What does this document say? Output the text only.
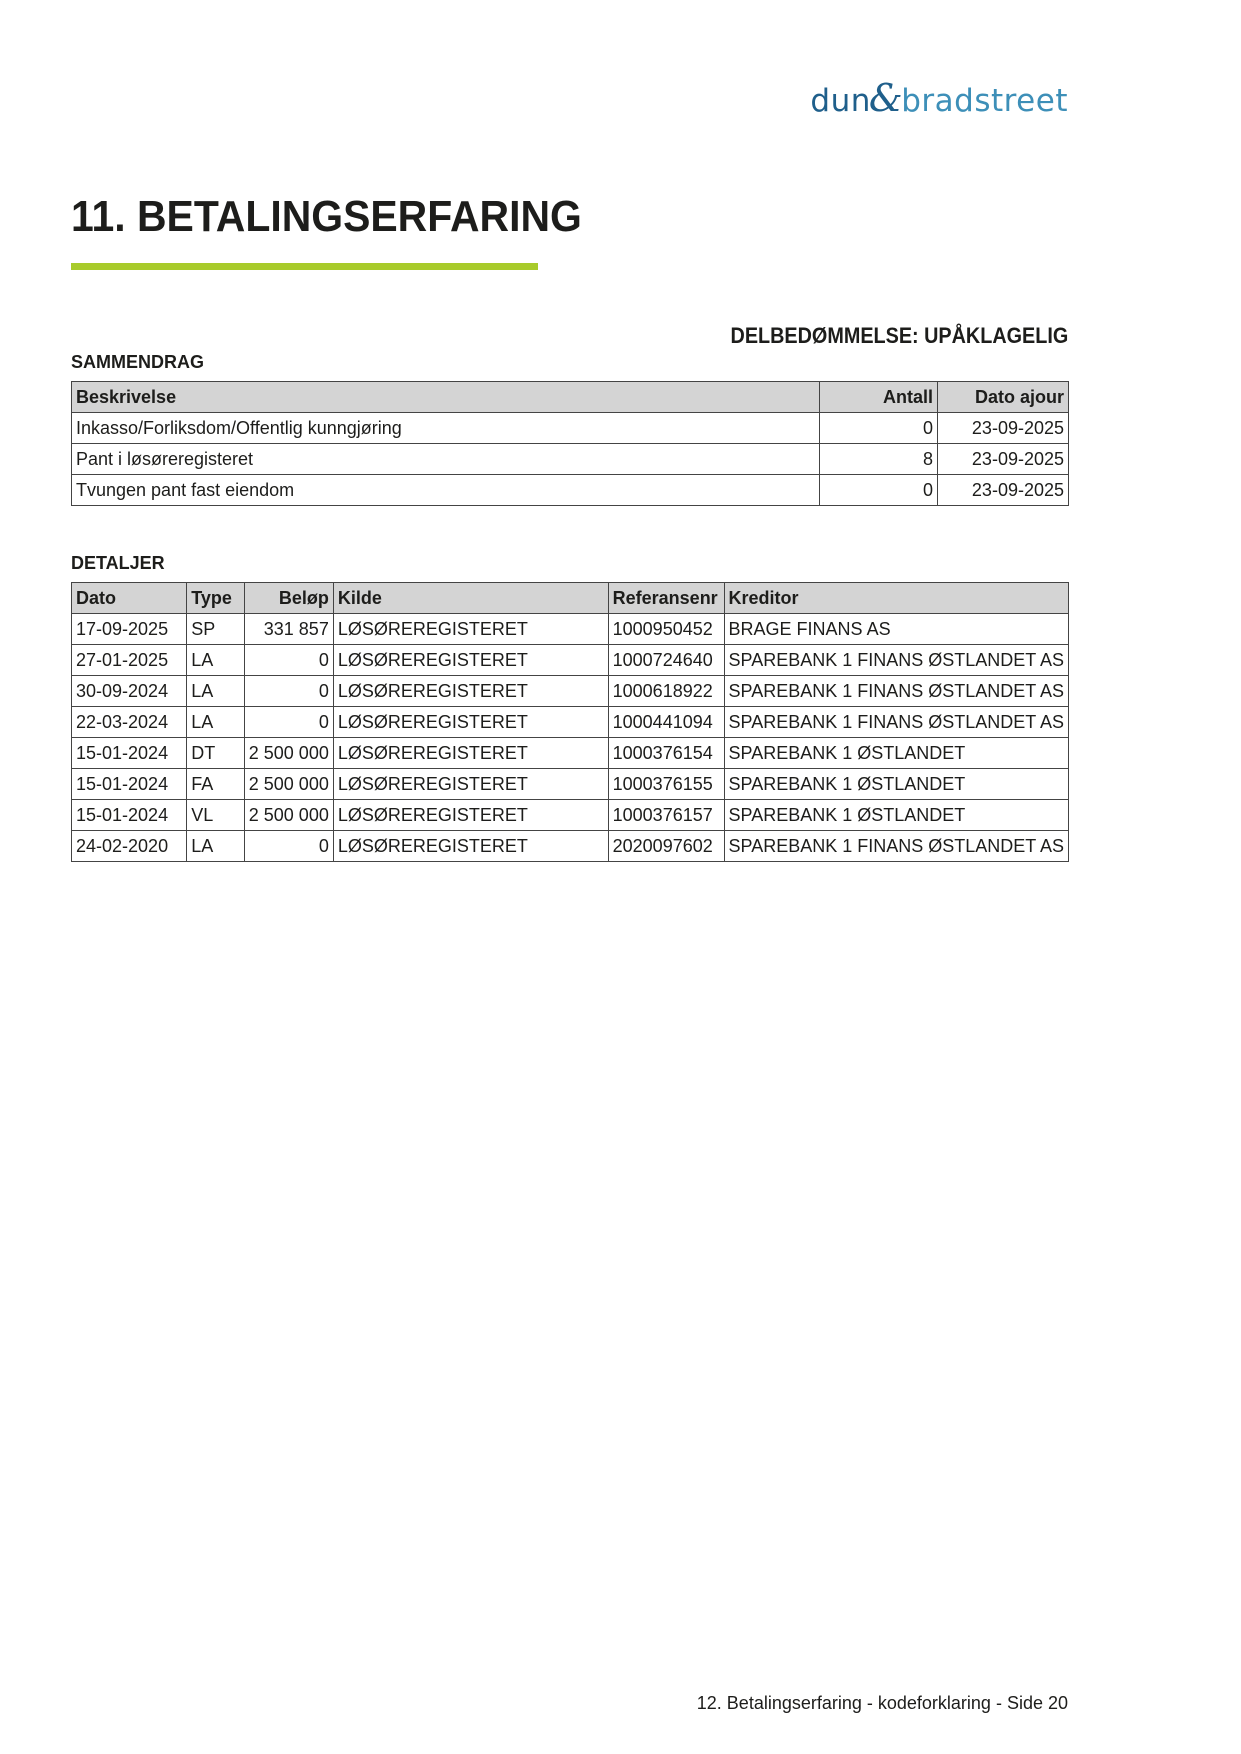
dun&bradstreet
11. BETALINGSERFARING
DELBEDØMMELSE: UPÅKLAGELIG
SAMMENDRAG
Beskrivelse	Antall	Dato ajour
Inkasso/Forliksdom/Offentlig kunngjøring	0	23-09-2025
Pant i løsøreregisteret	8	23-09-2025
Tvungen pant fast eiendom	0	23-09-2025
DETALJER
Dato	Type	Beløp	Kilde	Referansenr	Kreditor
17-09-2025	SP	331 857	LØSØREREGISTERET	1000950452	BRAGE FINANS AS
27-01-2025	LA	0	LØSØREREGISTERET	1000724640	SPAREBANK 1 FINANS ØSTLANDET AS
30-09-2024	LA	0	LØSØREREGISTERET	1000618922	SPAREBANK 1 FINANS ØSTLANDET AS
22-03-2024	LA	0	LØSØREREGISTERET	1000441094	SPAREBANK 1 FINANS ØSTLANDET AS
15-01-2024	DT	2 500 000	LØSØREREGISTERET	1000376154	SPAREBANK 1 ØSTLANDET
15-01-2024	FA	2 500 000	LØSØREREGISTERET	1000376155	SPAREBANK 1 ØSTLANDET
15-01-2024	VL	2 500 000	LØSØREREGISTERET	1000376157	SPAREBANK 1 ØSTLANDET
24-02-2020	LA	0	LØSØREREGISTERET	2020097602	SPAREBANK 1 FINANS ØSTLANDET AS
12. Betalingserfaring - kodeforklaring - Side 20
